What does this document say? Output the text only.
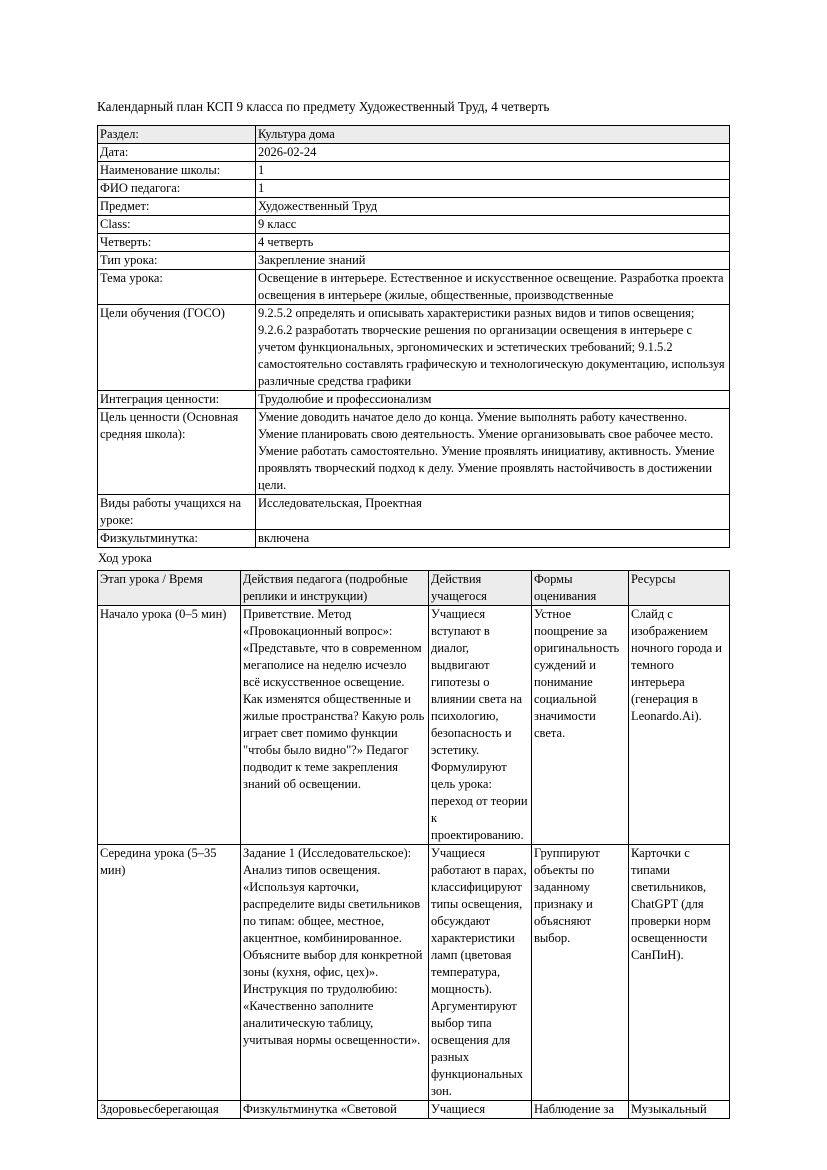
Календарный план КСП 9 класса по предмету Художественный Труд, 4 четверть

Раздел:	Культура дома
Дата:	2026-02-24
Наименование школы:	1
ФИО педагога:	1
Предмет:	Художественный Труд
Class:	9 класс
Четверть:	4 четверть
Тип урока:	Закрепление знаний
Тема урока:	Освещение в интерьере. Естественное и искусственное освещение. Разработка проекта освещения в интерьере (жилые, общественные, производственные
Цели обучения (ГОСО)	9.2.5.2 определять и описывать характеристики разных видов и типов освещения; 9.2.6.2 разработать творческие решения по организации освещения в интерьере с учетом функциональных, эргономических и эстетических требований; 9.1.5.2 самостоятельно составлять графическую и технологическую документацию, используя различные средства графики
Интеграция ценности:	Трудолюбие и профессионализм
Цель ценности (Основная средняя школа):	Умение доводить начатое дело до конца. Умение выполнять работу качественно. Умение планировать свою деятельность. Умение организовывать свое рабочее место. Умение работать самостоятельно. Умение проявлять инициативу, активность. Умение проявлять творческий подход к делу. Умение проявлять настойчивость в достижении цели.
Виды работы учащихся на уроке:	Исследовательская, Проектная
Физкультминутка:	включена

Ход урока

Этап урока / Время	Действия педагога (подробные реплики и инструкции)	Действия учащегося	Формы оценивания	Ресурсы
Начало урока (0–5 мин)	Приветствие. Метод «Провокационный вопрос»: «Представьте, что в современном мегаполисе на неделю исчезло всё искусственное освещение. Как изменятся общественные и жилые пространства? Какую роль играет свет помимо функции "чтобы было видно"?» Педагог подводит к теме закрепления знаний об освещении.	Учащиеся вступают в диалог, выдвигают гипотезы о влиянии света на психологию, безопасность и эстетику. Формулируют цель урока: переход от теории к проектированию.	Устное поощрение за оригинальность суждений и понимание социальной значимости света.	Слайд с изображением ночного города и темного интерьера (генерация в Leonardo.Ai).
Середина урока (5–35 мин)	Задание 1 (Исследовательское): Анализ типов освещения. «Используя карточки, распределите виды светильников по типам: общее, местное, акцентное, комбинированное. Объясните выбор для конкретной зоны (кухня, офис, цех)». Инструкция по трудолюбию: «Качественно заполните аналитическую таблицу, учитывая нормы освещенности».	Учащиеся работают в парах, классифицируют типы освещения, обсуждают характеристики ламп (цветовая температура, мощность). Аргументируют выбор типа освещения для разных функциональных зон.	Группируют объекты по заданному признаку и объясняют выбор.	Карточки с типами светильников, ChatGPT (для проверки норм освещенности СанПиН).
Здоровьесберегающая	Физкультминутка «Световой	Учащиеся	Наблюдение за	Музыкальный
